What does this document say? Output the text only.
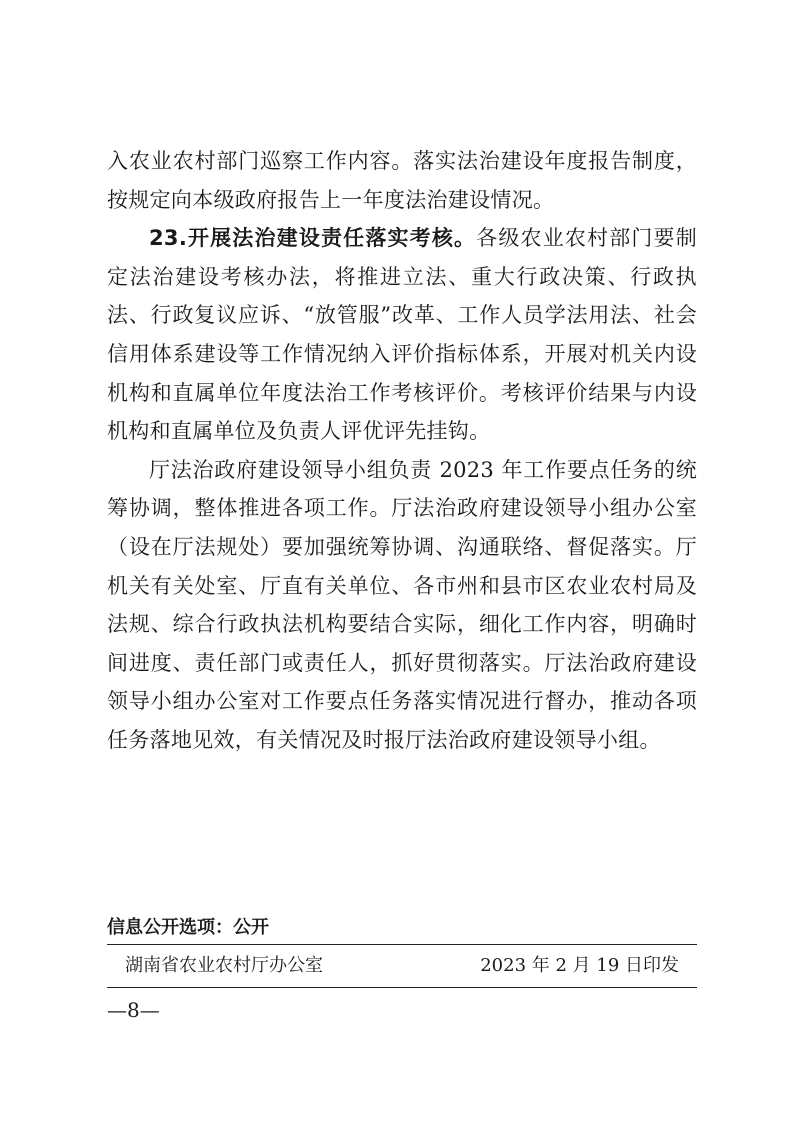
入农业农村部门巡察工作内容。落实法治建设年度报告制度，按规定向本级政府报告上一年度法治建设情况。

23.开展法治建设责任落实考核。各级农业农村部门要制定法治建设考核办法，将推进立法、重大行政决策、行政执法、行政复议应诉、“放管服”改革、工作人员学法用法、社会信用体系建设等工作情况纳入评价指标体系，开展对机关内设机构和直属单位年度法治工作考核评价。考核评价结果与内设机构和直属单位及负责人评优评先挂钩。

厅法治政府建设领导小组负责 2023 年工作要点任务的统筹协调，整体推进各项工作。厅法治政府建设领导小组办公室（设在厅法规处）要加强统筹协调、沟通联络、督促落实。厅机关有关处室、厅直有关单位、各市州和县市区农业农村局及法规、综合行政执法机构要结合实际，细化工作内容，明确时间进度、责任部门或责任人，抓好贯彻落实。厅法治政府建设领导小组办公室对工作要点任务落实情况进行督办，推动各项任务落地见效，有关情况及时报厅法治政府建设领导小组。

信息公开选项：公开
湖南省农业农村厅办公室	2023 年 2 月 19 日印发
—8—
